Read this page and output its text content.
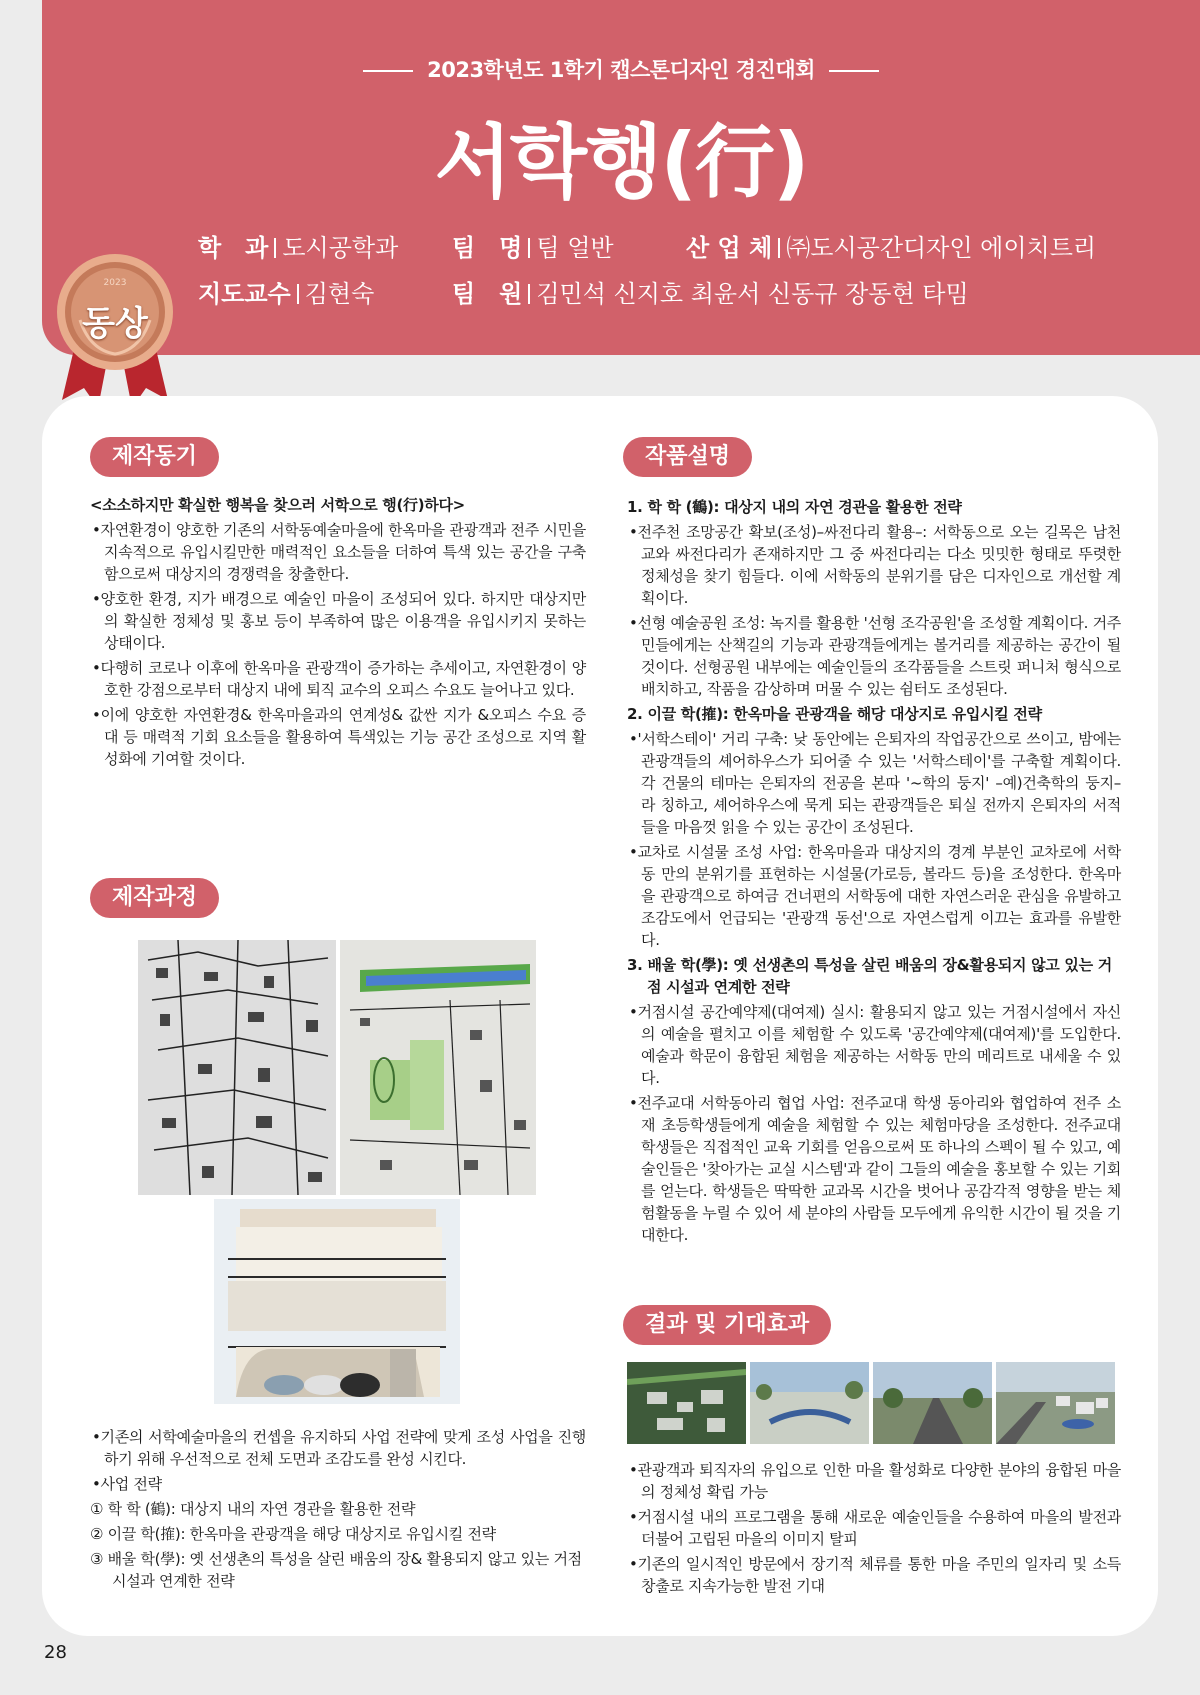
2023학년도 1학기 캡스톤디자인 경진대회
서학행(行)
학　과 도시공학과 팀　명 팀 얼반	산 업 체 ㈜도시공간디자인 에이치트리
지도교수 김현숙	팀　원 김민석 신지호 최윤서 신동규 장동현 타밈
2023
동상
제작동기
<소소하지만 확실한 행복을 찾으러 서학으로 행(行)하다>
•자연환경이 양호한 기존의 서학동예술마을에 한옥마을 관광객과 전주 시민을 지속적으로 유입시킬만한 매력적인 요소들을 더하여 특색 있는 공간을 구축함으로써 대상지의 경쟁력을 창출한다.
•양호한 환경, 지가 배경으로 예술인 마을이 조성되어 있다. 하지만 대상지만의 확실한 정체성 및 홍보 등이 부족하여 많은 이용객을 유입시키지 못하는 상태이다.
•다행히 코로나 이후에 한옥마을 관광객이 증가하는 추세이고, 자연환경이 양호한 강점으로부터 대상지 내에 퇴직 교수의 오피스 수요도 늘어나고 있다.
•이에 양호한 자연환경& 한옥마을과의 연계성& 값싼 지가 &오피스 수요 증대 등 매력적 기회 요소들을 활용하여 특색있는 기능 공간 조성으로 지역 활성화에 기여할 것이다.
제작과정
•기존의 서학예술마을의 컨셉을 유지하되 사업 전략에 맞게 조성 사업을 진행하기 위해 우선적으로 전체 도면과 조감도를 완성 시킨다.
•사업 전략
① 학 학 (鶴): 대상지 내의 자연 경관을 활용한 전략
② 이끌 학(搉): 한옥마을 관광객을 해당 대상지로 유입시킬 전략
③ 배울 학(學): 옛 선생촌의 특성을 살린 배움의 장& 활용되지 않고 있는 거점 시설과 연계한 전략
작품설명
1. 학 학 (鶴): 대상지 내의 자연 경관을 활용한 전략
•전주천 조망공간 확보(조성)–싸전다리 활용–: 서학동으로 오는 길목은 남천교와 싸전다리가 존재하지만 그 중 싸전다리는 다소 밋밋한 형태로 뚜렷한 정체성을 찾기 힘들다. 이에 서학동의 분위기를 담은 디자인으로 개선할 계획이다.
•선형 예술공원 조성: 녹지를 활용한 '선형 조각공원'을 조성할 계획이다. 거주민들에게는 산책길의 기능과 관광객들에게는 볼거리를 제공하는 공간이 될 것이다. 선형공원 내부에는 예술인들의 조각품들을 스트릿 퍼니처 형식으로 배치하고, 작품을 감상하며 머물 수 있는 쉼터도 조성된다.
2. 이끌 학(搉): 한옥마을 관광객을 해당 대상지로 유입시킬 전략
•'서학스테이' 거리 구축: 낮 동안에는 은퇴자의 작업공간으로 쓰이고, 밤에는 관광객들의 셰어하우스가 되어줄 수 있는 '서학스테이'를 구축할 계획이다. 각 건물의 테마는 은퇴자의 전공을 본따 '~학의 둥지' –예)건축학의 둥지– 라 칭하고, 셰어하우스에 묵게 되는 관광객들은 퇴실 전까지 은퇴자의 서적들을 마음껏 읽을 수 있는 공간이 조성된다.
•교차로 시설물 조성 사업: 한옥마을과 대상지의 경계 부분인 교차로에 서학동 만의 분위기를 표현하는 시설물(가로등, 볼라드 등)을 조성한다. 한옥마을 관광객으로 하여금 건너편의 서학동에 대한 자연스러운 관심을 유발하고 조감도에서 언급되는 '관광객 동선'으로 자연스럽게 이끄는 효과를 유발한다.
3. 배울 학(學): 옛 선생촌의 특성을 살린 배움의 장&활용되지 않고 있는 거점 시설과 연계한 전략
•거점시설 공간예약제(대여제) 실시: 활용되지 않고 있는 거점시설에서 자신의 예술을 펼치고 이를 체험할 수 있도록 '공간예약제(대여제)'를 도입한다. 예술과 학문이 융합된 체험을 제공하는 서학동 만의 메리트로 내세울 수 있다.
•전주교대 서학동아리 협업 사업: 전주교대 학생 동아리와 협업하여 전주 소재 초등학생들에게 예술을 체험할 수 있는 체험마당을 조성한다. 전주교대 학생들은 직접적인 교육 기회를 얻음으로써 또 하나의 스펙이 될 수 있고, 예술인들은 '찾아가는 교실 시스템'과 같이 그들의 예술을 홍보할 수 있는 기회를 얻는다. 학생들은 딱딱한 교과목 시간을 벗어나 공감각적 영향을 받는 체험활동을 누릴 수 있어 세 분야의 사람들 모두에게 유익한 시간이 될 것을 기대한다.
결과 및 기대효과
•관광객과 퇴직자의 유입으로 인한 마을 활성화로 다양한 분야의 융합된 마을의 정체성 확립 가능
•거점시설 내의 프로그램을 통해 새로운 예술인들을 수용하여 마을의 발전과 더불어 고립된 마을의 이미지 탈피
•기존의 일시적인 방문에서 장기적 체류를 통한 마을 주민의 일자리 및 소득창출로 지속가능한 발전 기대
28
